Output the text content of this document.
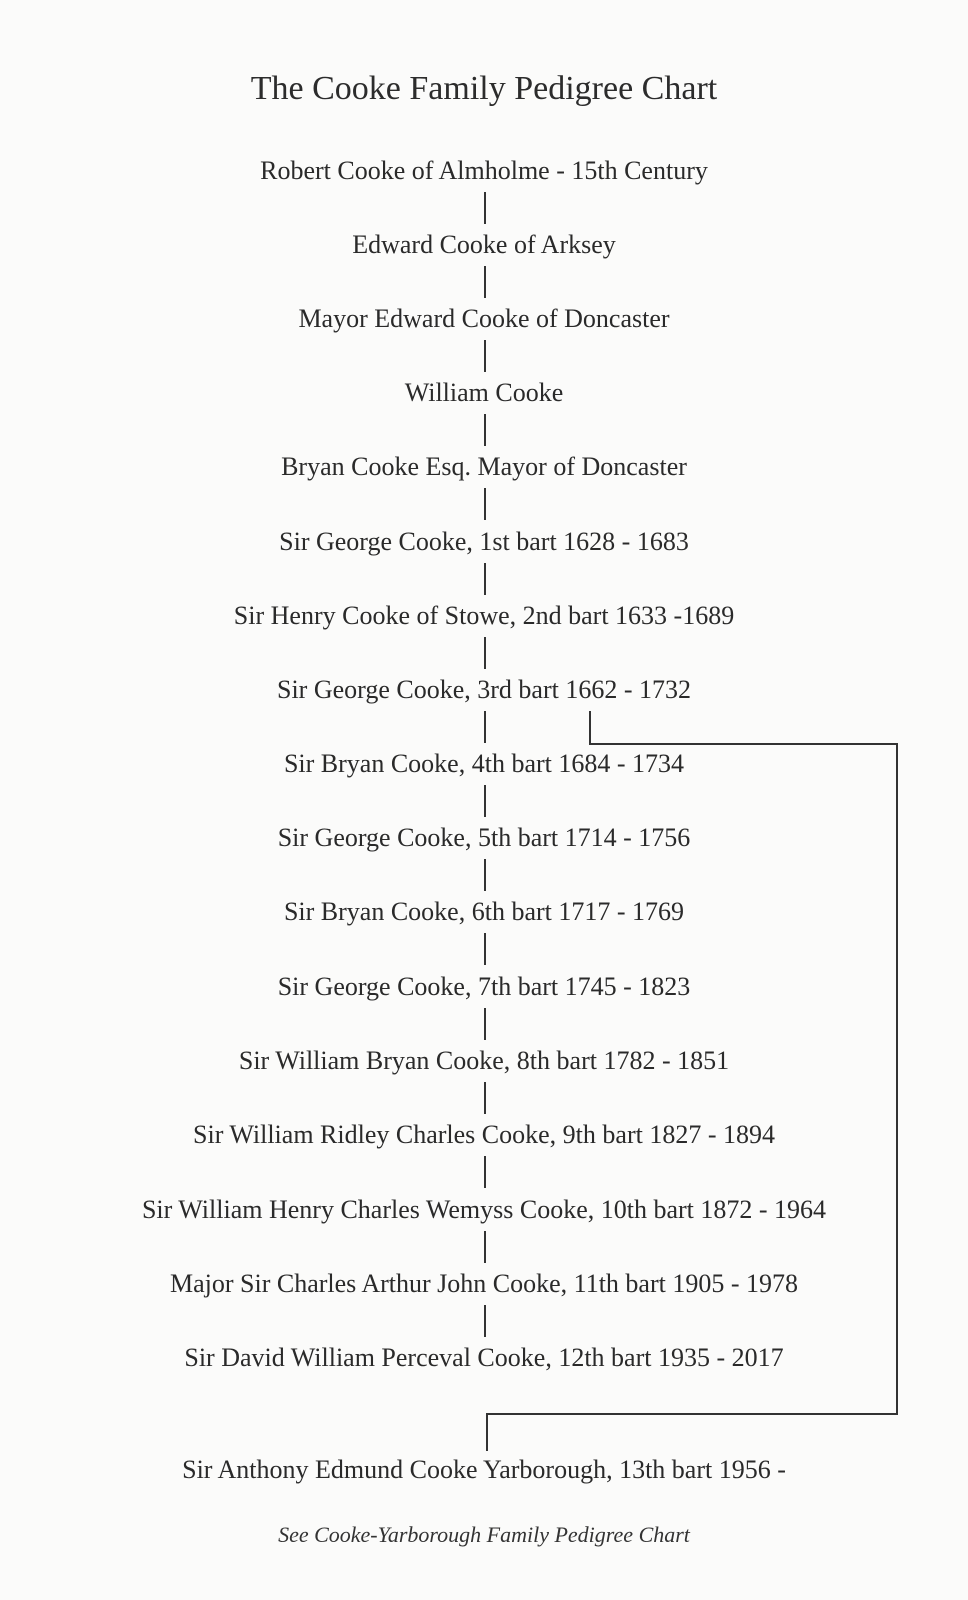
The Cooke Family Pedigree Chart
Robert Cooke of Almholme - 15th Century
Edward Cooke of Arksey
Mayor Edward Cooke of Doncaster
William Cooke
Bryan Cooke Esq. Mayor of Doncaster
Sir George Cooke, 1st bart 1628 - 1683
Sir Henry Cooke of Stowe, 2nd bart 1633 -1689
Sir George Cooke, 3rd bart 1662 - 1732
Sir Bryan Cooke, 4th bart 1684 - 1734
Sir George Cooke, 5th bart 1714 - 1756
Sir Bryan Cooke, 6th bart 1717 - 1769
Sir George Cooke, 7th bart 1745 - 1823
Sir William Bryan Cooke, 8th bart 1782 - 1851
Sir William Ridley Charles Cooke, 9th bart 1827 - 1894
Sir William Henry Charles Wemyss Cooke, 10th bart 1872 - 1964
Major Sir Charles Arthur John Cooke, 11th bart 1905 - 1978
Sir David William Perceval Cooke, 12th bart 1935 - 2017
Sir Anthony Edmund Cooke Yarborough, 13th bart 1956 -
See Cooke-Yarborough Family Pedigree Chart
